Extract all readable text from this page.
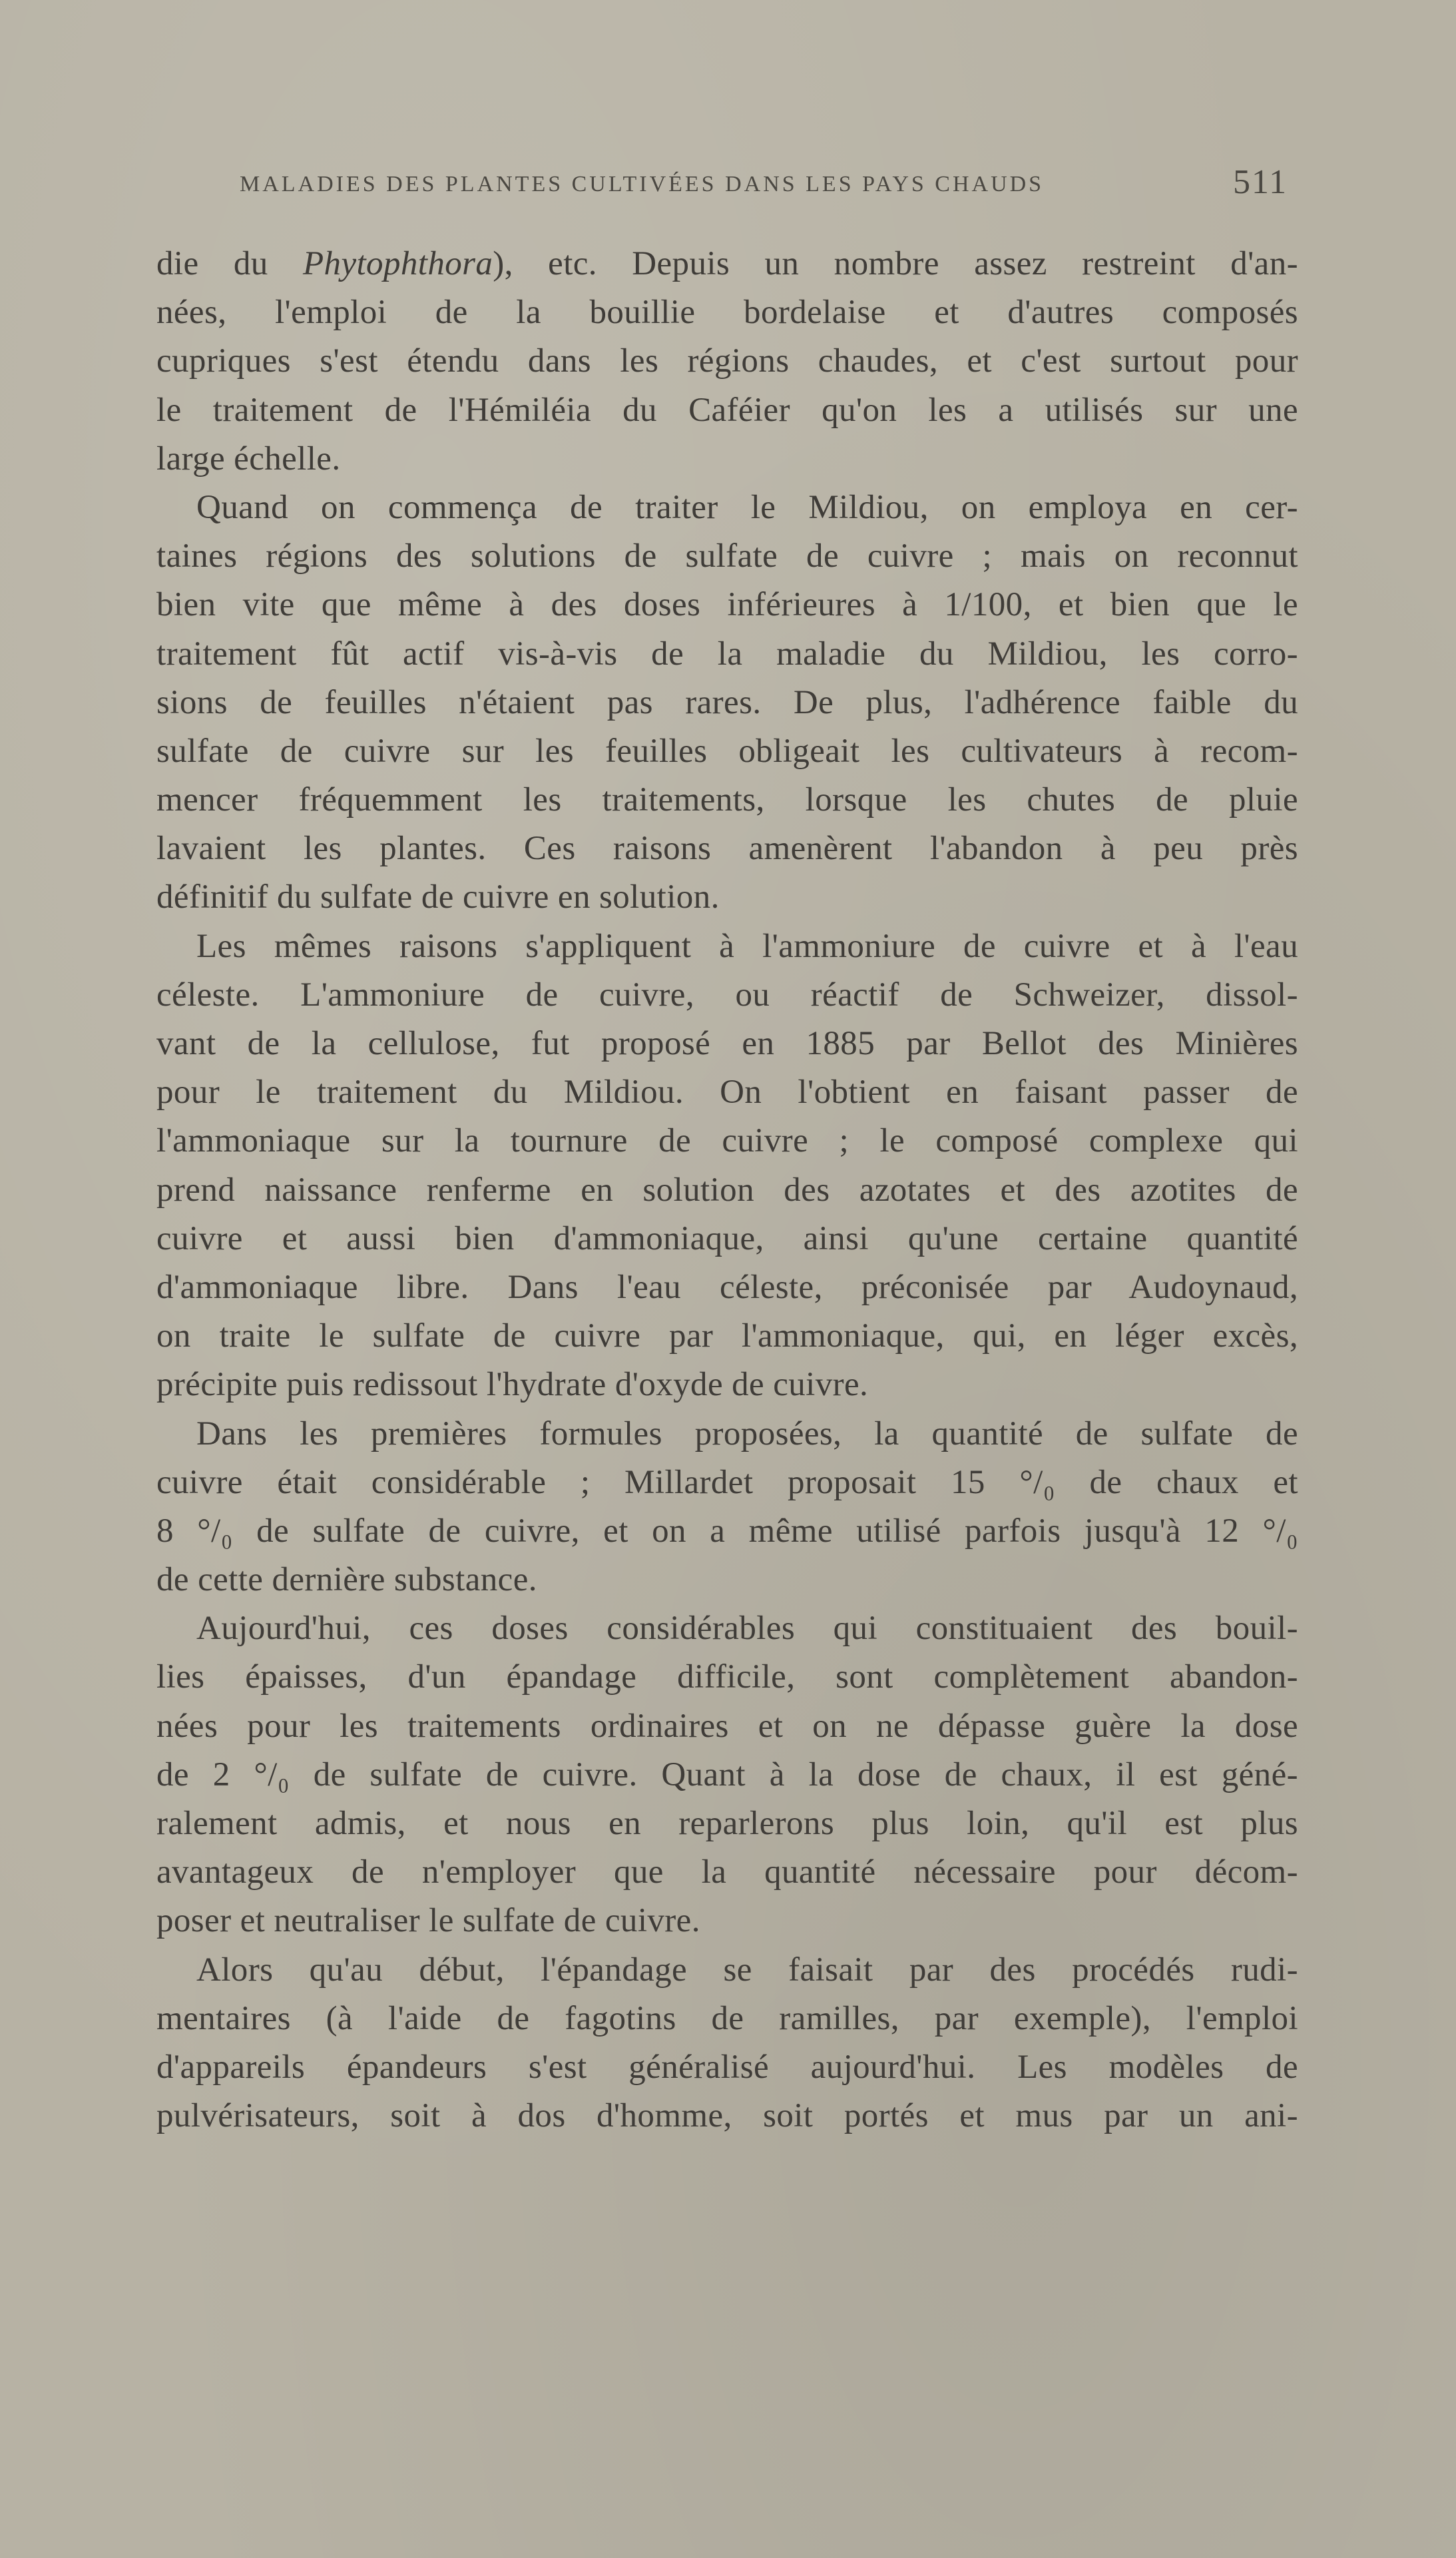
MALADIES DES PLANTES CULTIVÉES DANS LES PAYS CHAUDS	511
die du Phytophthora), etc. Depuis un nombre assez restreint d'an-
nées, l'emploi de la bouillie bordelaise et d'autres composés
cupriques s'est étendu dans les régions chaudes, et c'est surtout pour
le traitement de l'Hémiléia du Caféier qu'on les a utilisés sur une
large échelle.
Quand on commença de traiter le Mildiou, on employa en cer-
taines régions des solutions de sulfate de cuivre ; mais on reconnut
bien vite que même à des doses inférieures à 1/100, et bien que le
traitement fût actif vis-à-vis de la maladie du Mildiou, les corro-
sions de feuilles n'étaient pas rares. De plus, l'adhérence faible du
sulfate de cuivre sur les feuilles obligeait les cultivateurs à recom-
mencer fréquemment les traitements, lorsque les chutes de pluie
lavaient les plantes. Ces raisons amenèrent l'abandon à peu près
définitif du sulfate de cuivre en solution.
Les mêmes raisons s'appliquent à l'ammoniure de cuivre et à l'eau
céleste. L'ammoniure de cuivre, ou réactif de Schweizer, dissol-
vant de la cellulose, fut proposé en 1885 par Bellot des Minières
pour le traitement du Mildiou. On l'obtient en faisant passer de
l'ammoniaque sur la tournure de cuivre ; le composé complexe qui
prend naissance renferme en solution des azotates et des azotites de
cuivre et aussi bien d'ammoniaque, ainsi qu'une certaine quantité
d'ammoniaque libre. Dans l'eau céleste, préconisée par Audoynaud,
on traite le sulfate de cuivre par l'ammoniaque, qui, en léger excès,
précipite puis redissout l'hydrate d'oxyde de cuivre.
Dans les premières formules proposées, la quantité de sulfate de
cuivre était considérable ; Millardet proposait 15 °/₀ de chaux et
8 °/₀ de sulfate de cuivre, et on a même utilisé parfois jusqu'à 12 °/₀
de cette dernière substance.
Aujourd'hui, ces doses considérables qui constituaient des bouil-
lies épaisses, d'un épandage difficile, sont complètement abandon-
nées pour les traitements ordinaires et on ne dépasse guère la dose
de 2 °/₀ de sulfate de cuivre. Quant à la dose de chaux, il est géné-
ralement admis, et nous en reparlerons plus loin, qu'il est plus
avantageux de n'employer que la quantité nécessaire pour décom-
poser et neutraliser le sulfate de cuivre.
Alors qu'au début, l'épandage se faisait par des procédés rudi-
mentaires (à l'aide de fagotins de ramilles, par exemple), l'emploi
d'appareils épandeurs s'est généralisé aujourd'hui. Les modèles de
pulvérisateurs, soit à dos d'homme, soit portés et mus par un ani-
